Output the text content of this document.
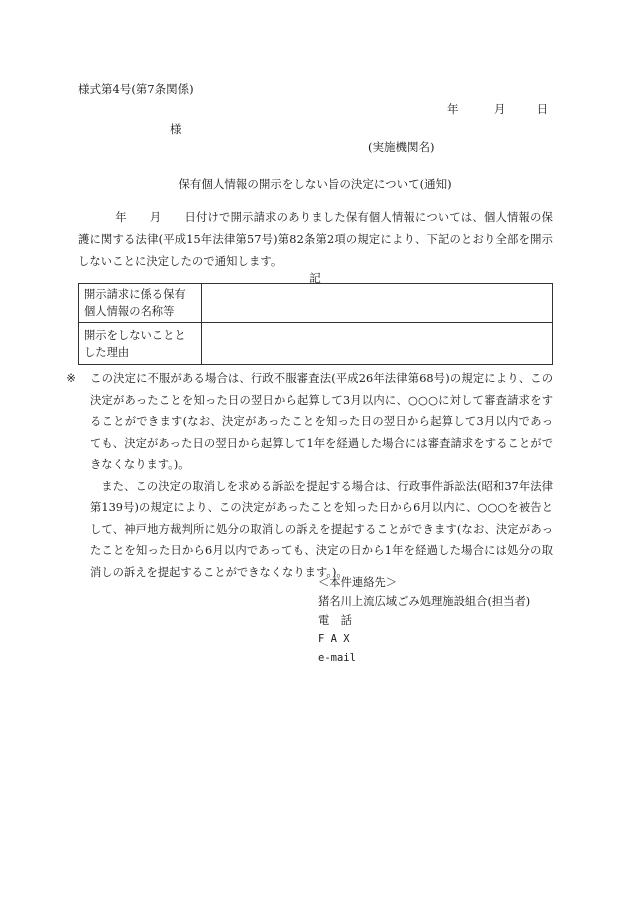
様式第4号(第7条関係)
年	月	日
様
(実施機関名)
保有個人情報の開示をしない旨の決定について(通知)

年　　月　　日付けで開示請求のありました保有個人情報については、個人情報の保護に関する法律(平成15年法律第57号)第82条第2項の規定により、下記のとおり全部を開示しないことに決定したので通知します。

記
開示請求に係る保有個人情報の名称等	
開示をしないこととした理由	

※ この決定に不服がある場合は、行政不服審査法(平成26年法律第68号)の規定により、この決定があったことを知った日の翌日から起算して3月以内に、○○○に対して審査請求をすることができます(なお、決定があったことを知った日の翌日から起算して3月以内であっても、決定があった日の翌日から起算して1年を経過した場合には審査請求をすることができなくなります。)。

また、この決定の取消しを求める訴訟を提起する場合は、行政事件訴訟法(昭和37年法律第139号)の規定により、この決定があったことを知った日から6月以内に、○○○を被告として、神戸地方裁判所に処分の取消しの訴えを提起することができます(なお、決定があったことを知った日から6月以内であっても、決定の日から1年を経過した場合には処分の取消しの訴えを提起することができなくなります。)。

＜本件連絡先＞
猪名川上流広域ごみ処理施設組合(担当者)
電　話
F A X
e-mail
